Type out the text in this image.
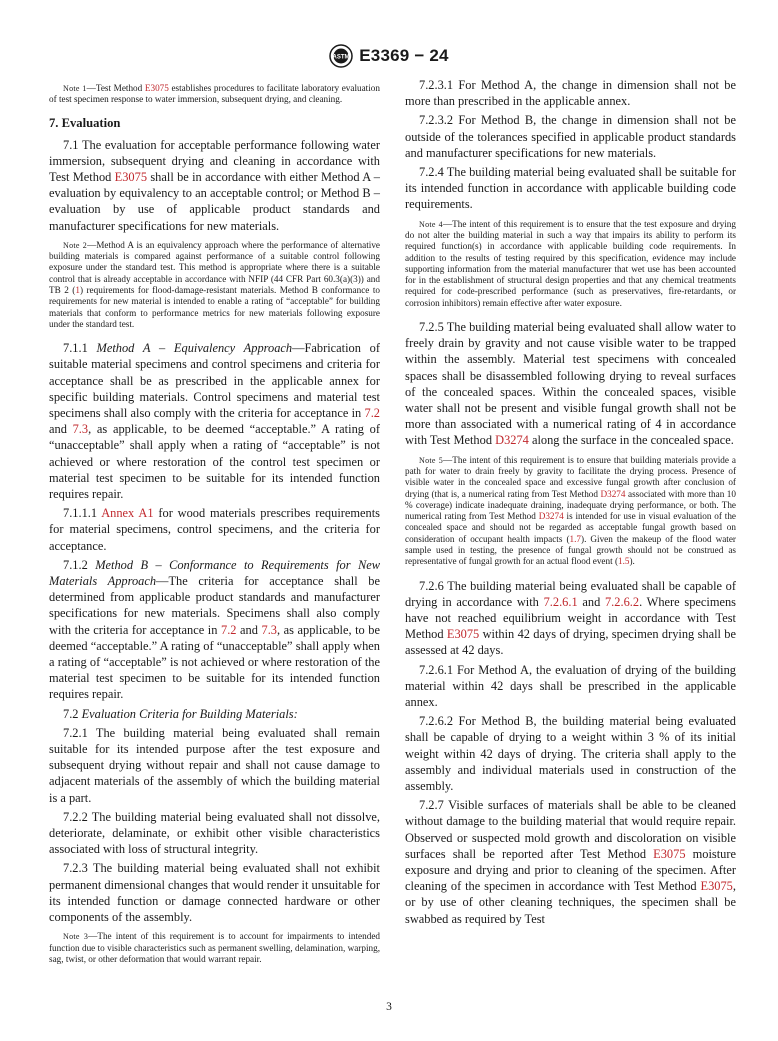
ASTM E3369 − 24

Note 1—Test Method E3075 establishes procedures to facilitate laboratory evaluation of test specimen response to water immersion, subsequent drying, and cleaning.

7. Evaluation

7.1 The evaluation for acceptable performance following water immersion, subsequent drying and cleaning in accordance with Test Method E3075 shall be in accordance with either Method A – evaluation by equivalency to an acceptable control; or Method B – evaluation by use of applicable product standards and manufacturer specifications for new materials.

Note 2—Method A is an equivalency approach where the performance of alternative building materials is compared against performance of a suitable control following exposure under the standard test. This method is appropriate where there is a suitable control that is already acceptable in accordance with NFIP (44 CFR Part 60.3(a)(3)) and TB 2 (1) requirements for flood-damage-resistant materials. Method B conformance to requirements for new material is intended to enable a rating of “acceptable” for building materials that conform to performance metrics for new materials following exposure under the standard test.

7.1.1 Method A – Equivalency Approach—Fabrication of suitable material specimens and control specimens and criteria for acceptance shall be as prescribed in the applicable annex for specific building materials. Control specimens and material test specimens shall also comply with the criteria for acceptance in 7.2 and 7.3, as applicable, to be deemed “acceptable.” A rating of “unacceptable” shall apply when a rating of “acceptable” is not achieved or where restoration of the control test specimen or material test specimen to be suitable for its intended function requires repair.

7.1.1.1 Annex A1 for wood materials prescribes requirements for material specimens, control specimens, and the criteria for acceptance.

7.1.2 Method B – Conformance to Requirements for New Materials Approach—The criteria for acceptance shall be determined from applicable product standards and manufacturer specifications for new materials. Specimens shall also comply with the criteria for acceptance in 7.2 and 7.3, as applicable, to be deemed “acceptable.” A rating of “unacceptable” shall apply when a rating of “acceptable” is not achieved or where restoration of the material test specimen to be suitable for its intended function requires repair.

7.2 Evaluation Criteria for Building Materials:

7.2.1 The building material being evaluated shall remain suitable for its intended purpose after the test exposure and subsequent drying without repair and shall not cause damage to adjacent materials of the assembly of which the building material is a part.

7.2.2 The building material being evaluated shall not dissolve, deteriorate, delaminate, or exhibit other visible characteristics associated with loss of structural integrity.

7.2.3 The building material being evaluated shall not exhibit permanent dimensional changes that would render it unsuitable for its intended function or damage connected hardware or other components of the assembly.

Note 3—The intent of this requirement is to account for impairments to intended function due to visible characteristics such as permanent swelling, delamination, warping, sag, twist, or other deformation that would warrant repair.

7.2.3.1 For Method A, the change in dimension shall not be more than prescribed in the applicable annex.

7.2.3.2 For Method B, the change in dimension shall not be outside of the tolerances specified in applicable product standards and manufacturer specifications for new materials.

7.2.4 The building material being evaluated shall be suitable for its intended function in accordance with applicable building code requirements.

Note 4—The intent of this requirement is to ensure that the test exposure and drying do not alter the building material in such a way that impairs its ability to perform its required function(s) in accordance with applicable building code requirements. In addition to the results of testing required by this specification, evidence may include supporting information from the material manufacturer that wet use has been accounted for in the establishment of structural design properties and that any chemical treatments required for code-prescribed performance (such as preservatives, fire-retardants, or corrosion inhibitors) remain effective after water exposure.

7.2.5 The building material being evaluated shall allow water to freely drain by gravity and not cause visible water to be trapped within the assembly. Material test specimens with concealed spaces shall be disassembled following drying to reveal surfaces of the concealed spaces. Within the concealed spaces, visible water shall not be present and visible fungal growth shall not be more than associated with a numerical rating of 4 in accordance with Test Method D3274 along the surface in the concealed space.

Note 5—The intent of this requirement is to ensure that building materials provide a path for water to drain freely by gravity to facilitate the drying process. Presence of visible water in the concealed space and excessive fungal growth after conclusion of drying (that is, a numerical rating from Test Method D3274 associated with more than 10 % coverage) indicate inadequate draining, inadequate drying performance, or both. The numerical rating from Test Method D3274 is intended for use in visual evaluation of the concealed space and should not be regarded as acceptable fungal growth based on consideration of occupant health impacts (1.7). Given the makeup of the flood water sample used in testing, the presence of fungal growth should not be construed as representative of fungal growth for an actual flood event (1.5).

7.2.6 The building material being evaluated shall be capable of drying in accordance with 7.2.6.1 and 7.2.6.2. Where specimens have not reached equilibrium weight in accordance with Test Method E3075 within 42 days of drying, specimen drying shall be assessed at 42 days.

7.2.6.1 For Method A, the evaluation of drying of the building material within 42 days shall be prescribed in the applicable annex.

7.2.6.2 For Method B, the building material being evaluated shall be capable of drying to a weight within 3 % of its initial weight within 42 days of drying. The criteria shall apply to the assembly and individual materials used in construction of the assembly.

7.2.7 Visible surfaces of materials shall be able to be cleaned without damage to the building material that would require repair. Observed or suspected mold growth and discoloration on visible surfaces shall be reported after Test Method E3075 moisture exposure and drying and prior to cleaning of the specimen. After cleaning of the specimen in accordance with Test Method E3075, or by use of other cleaning techniques, the specimen shall be swabbed as required by Test

3
